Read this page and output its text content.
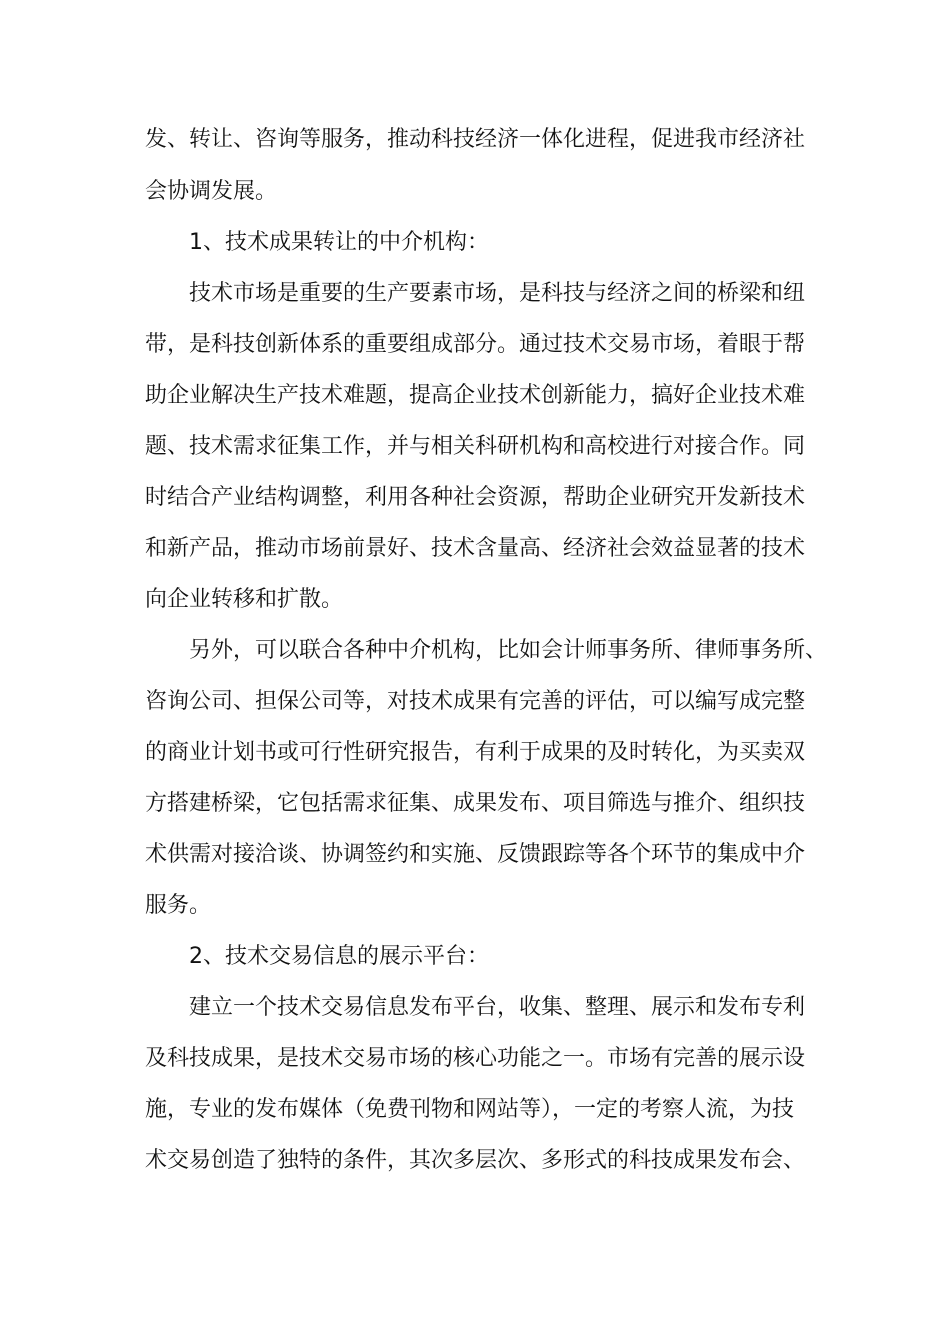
发、转让、咨询等服务，推动科技经济一体化进程，促进我市经济社

会协调发展。

1、技术成果转让的中介机构：

技术市场是重要的生产要素市场，是科技与经济之间的桥梁和纽

带，是科技创新体系的重要组成部分。通过技术交易市场，着眼于帮

助企业解决生产技术难题，提高企业技术创新能力，搞好企业技术难

题、技术需求征集工作，并与相关科研机构和高校进行对接合作。同

时结合产业结构调整，利用各种社会资源，帮助企业研究开发新技术

和新产品，推动市场前景好、技术含量高、经济社会效益显著的技术

向企业转移和扩散。

另外，可以联合各种中介机构，比如会计师事务所、律师事务所、

咨询公司、担保公司等，对技术成果有完善的评估，可以编写成完整

的商业计划书或可行性研究报告，有利于成果的及时转化，为买卖双

方搭建桥梁，它包括需求征集、成果发布、项目筛选与推介、组织技

术供需对接洽谈、协调签约和实施、反馈跟踪等各个环节的集成中介

服务。

2、技术交易信息的展示平台：

建立一个技术交易信息发布平台，收集、整理、展示和发布专利

及科技成果，是技术交易市场的核心功能之一。市场有完善的展示设

施，专业的发布媒体（免费刊物和网站等），一定的考察人流，为技

术交易创造了独特的条件，其次多层次、多形式的科技成果发布会、
